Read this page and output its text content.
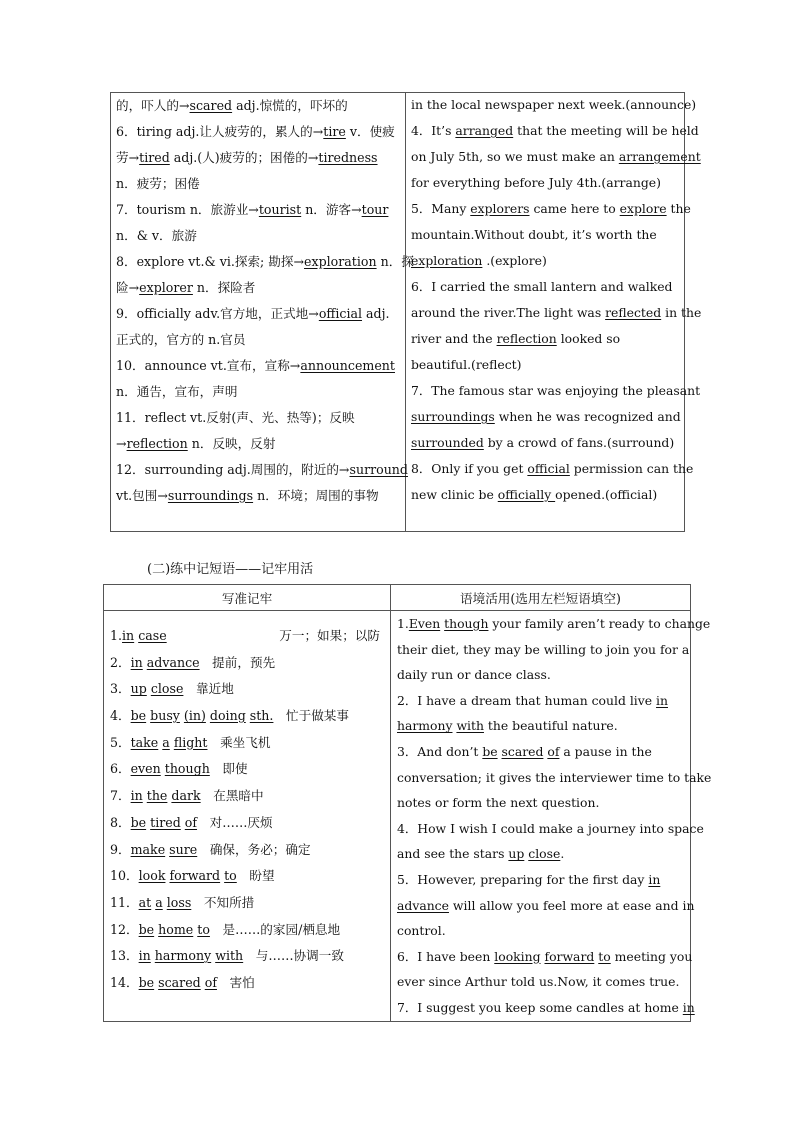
的，吓人的→scared adj.惊慌的，吓坏的
6．tiring adj.让人疲劳的，累人的→tire v．使疲
劳→tired adj.(人)疲劳的；困倦的→tiredness
n．疲劳；困倦
7．tourism n．旅游业→tourist n．游客→tour
n．& v．旅游
8．explore vt.& vi.探索; 勘探→exploration n．探
险→explorer n．探险者
9．officially adv.官方地，正式地→official adj.
正式的，官方的 n.官员
10．announce vt.宣布，宣称→announcement
n．通告，宣布，声明
11．reflect vt.反射(声、光、热等)；反映
→reflection n．反映，反射
12．surrounding adj.周围的，附近的→surround
vt.包围→surroundings n．环境；周围的事物
in the local newspaper next week.(announce)
4．It’s arranged that the meeting will be held
on July 5th, so we must make an arrangement
for everything before July 4th.(arrange)
5．Many explorers came here to explore the
mountain.Without doubt, it’s worth the
exploration .(explore)
6．I carried the small lantern and walked
around the river.The light was reflected in the
river and the reflection looked so
beautiful.(reflect)
7．The famous star was enjoying the pleasant
surroundings when he was recognized and
surrounded by a crowd of fans.(surround)
8．Only if you get official permission can the
new clinic be officially opened.(official)
(二)练中记短语——记牢用活
写准记牢	语境活用(选用左栏短语填空)
1.in case	　万一；如果；以防
2．in advance　提前，预先
3．up close　靠近地
4．be busy (in) doing sth.　忙于做某事
5．take a flight　乘坐飞机
6．even though　即使
7．in the dark　在黑暗中
8．be tired of　对……厌烦
9．make sure　确保，务必；确定
10．look forward to　盼望
11．at a loss　不知所措
12．be home to　是……的家园/栖息地
13．in harmony with　与……协调一致
14．be scared of　害怕
1.Even though your family aren’t ready to change
their diet, they may be willing to join you for a
daily run or dance class.
2．I have a dream that human could live in
harmony with the beautiful nature.
3．And don’t be scared of a pause in the
conversation; it gives the interviewer time to take
notes or form the next question.
4．How I wish I could make a journey into space
and see the stars up close.
5．However, preparing for the first day in
advance will allow you feel more at ease and in
control.
6．I have been looking forward to meeting you
ever since Arthur told us.Now, it comes true.
7．I suggest you keep some candles at home in
